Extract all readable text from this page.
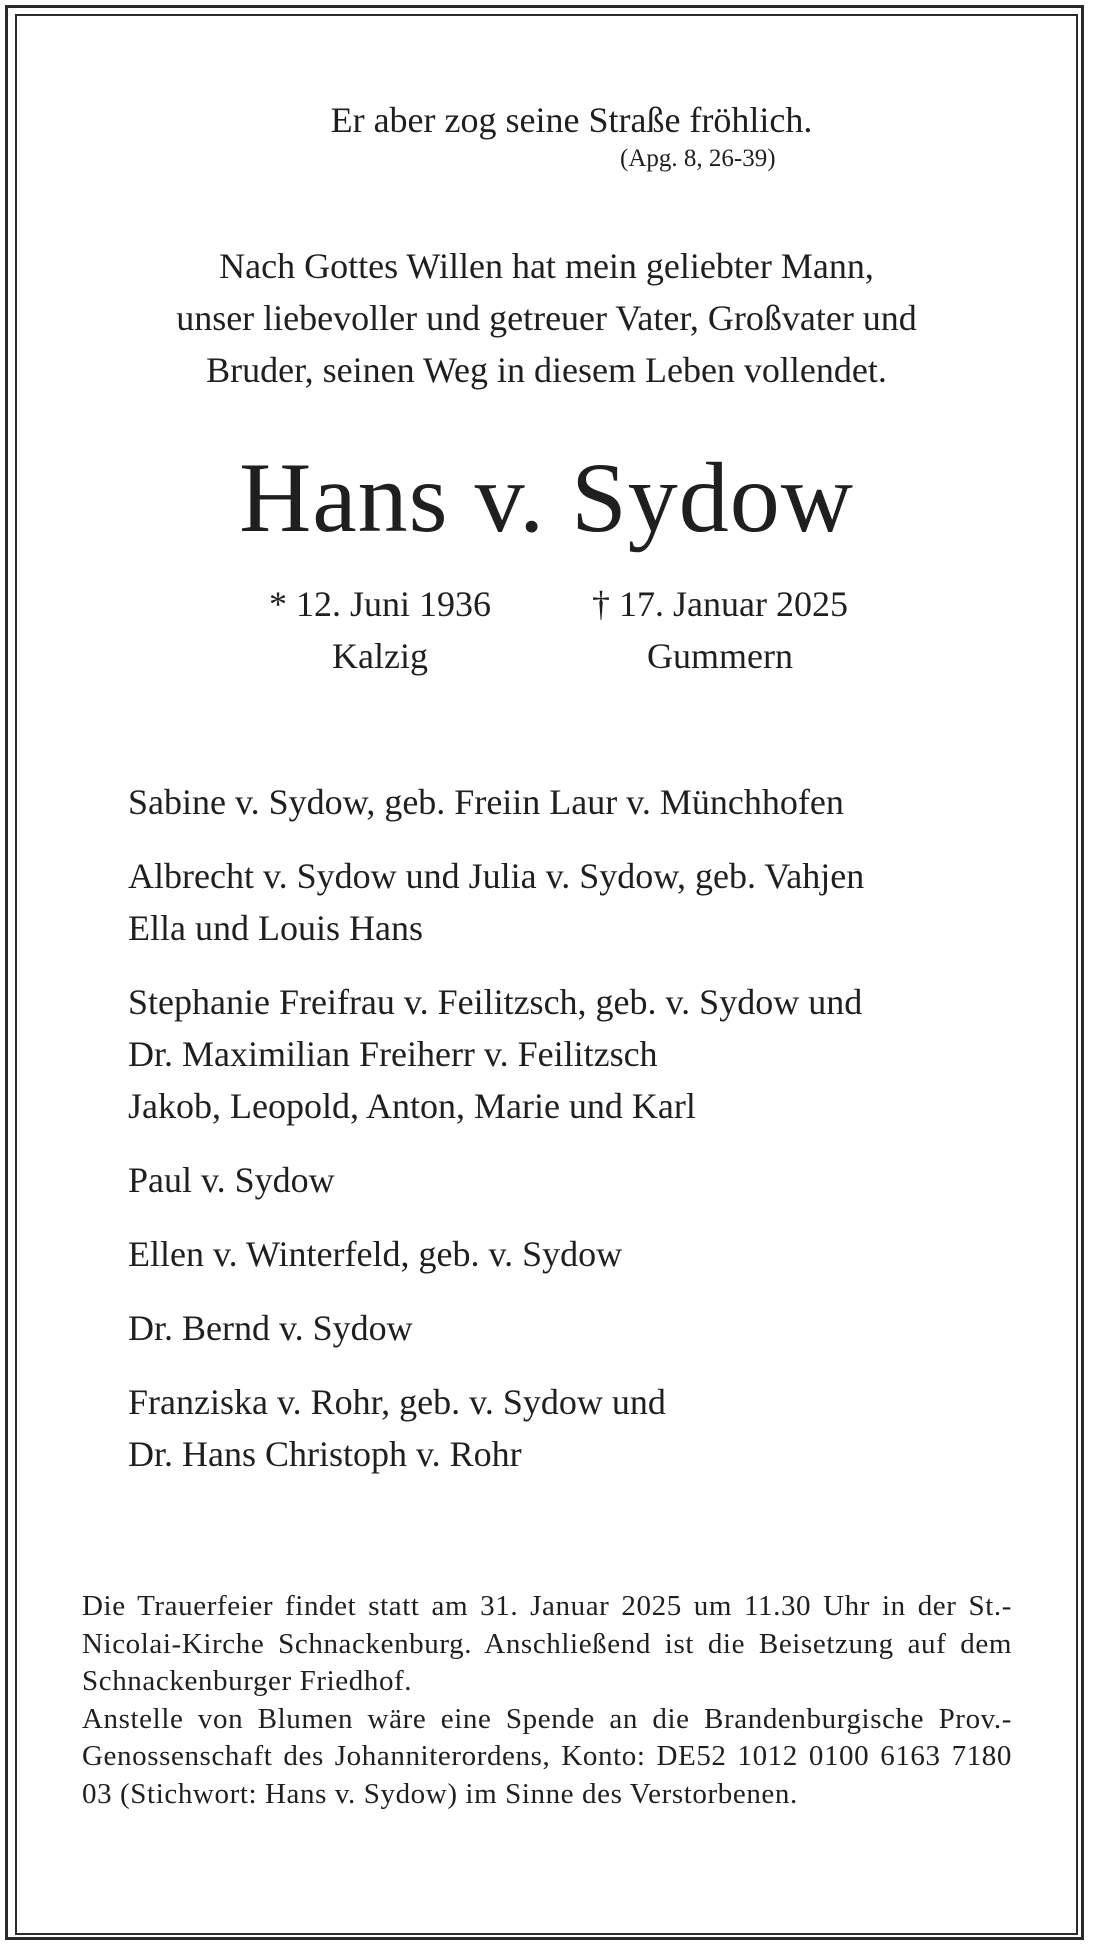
Er aber zog seine Straße fröhlich.
(Apg. 8, 26-39)
Nach Gottes Willen hat mein geliebter Mann,
unser liebevoller und getreuer Vater, Großvater und
Bruder, seinen Weg in diesem Leben vollendet.
Hans v. Sydow
* 12. Juni 1936
Kalzig
† 17. Januar 2025
Gummern
Sabine v. Sydow, geb. Freiin Laur v. Münchhofen
Albrecht v. Sydow und Julia v. Sydow, geb. Vahjen
Ella und Louis Hans
Stephanie Freifrau v. Feilitzsch, geb. v. Sydow und
Dr. Maximilian Freiherr v. Feilitzsch
Jakob, Leopold, Anton, Marie und Karl
Paul v. Sydow
Ellen v. Winterfeld, geb. v. Sydow
Dr. Bernd v. Sydow
Franziska v. Rohr, geb. v. Sydow und
Dr. Hans Christoph v. Rohr

Die Trauerfeier findet statt am 31. Januar 2025 um 11.30 Uhr in der St.-Nicolai-Kirche Schnackenburg. Anschließend ist die Beisetzung auf dem Schnackenburger Friedhof.

Anstelle von Blumen wäre eine Spende an die Brandenburgische Prov.-Genossenschaft des Johanniterordens, Konto: DE52 1012 0100 6163 7180 03 (Stichwort: Hans v. Sydow) im Sinne des Verstorbenen.
